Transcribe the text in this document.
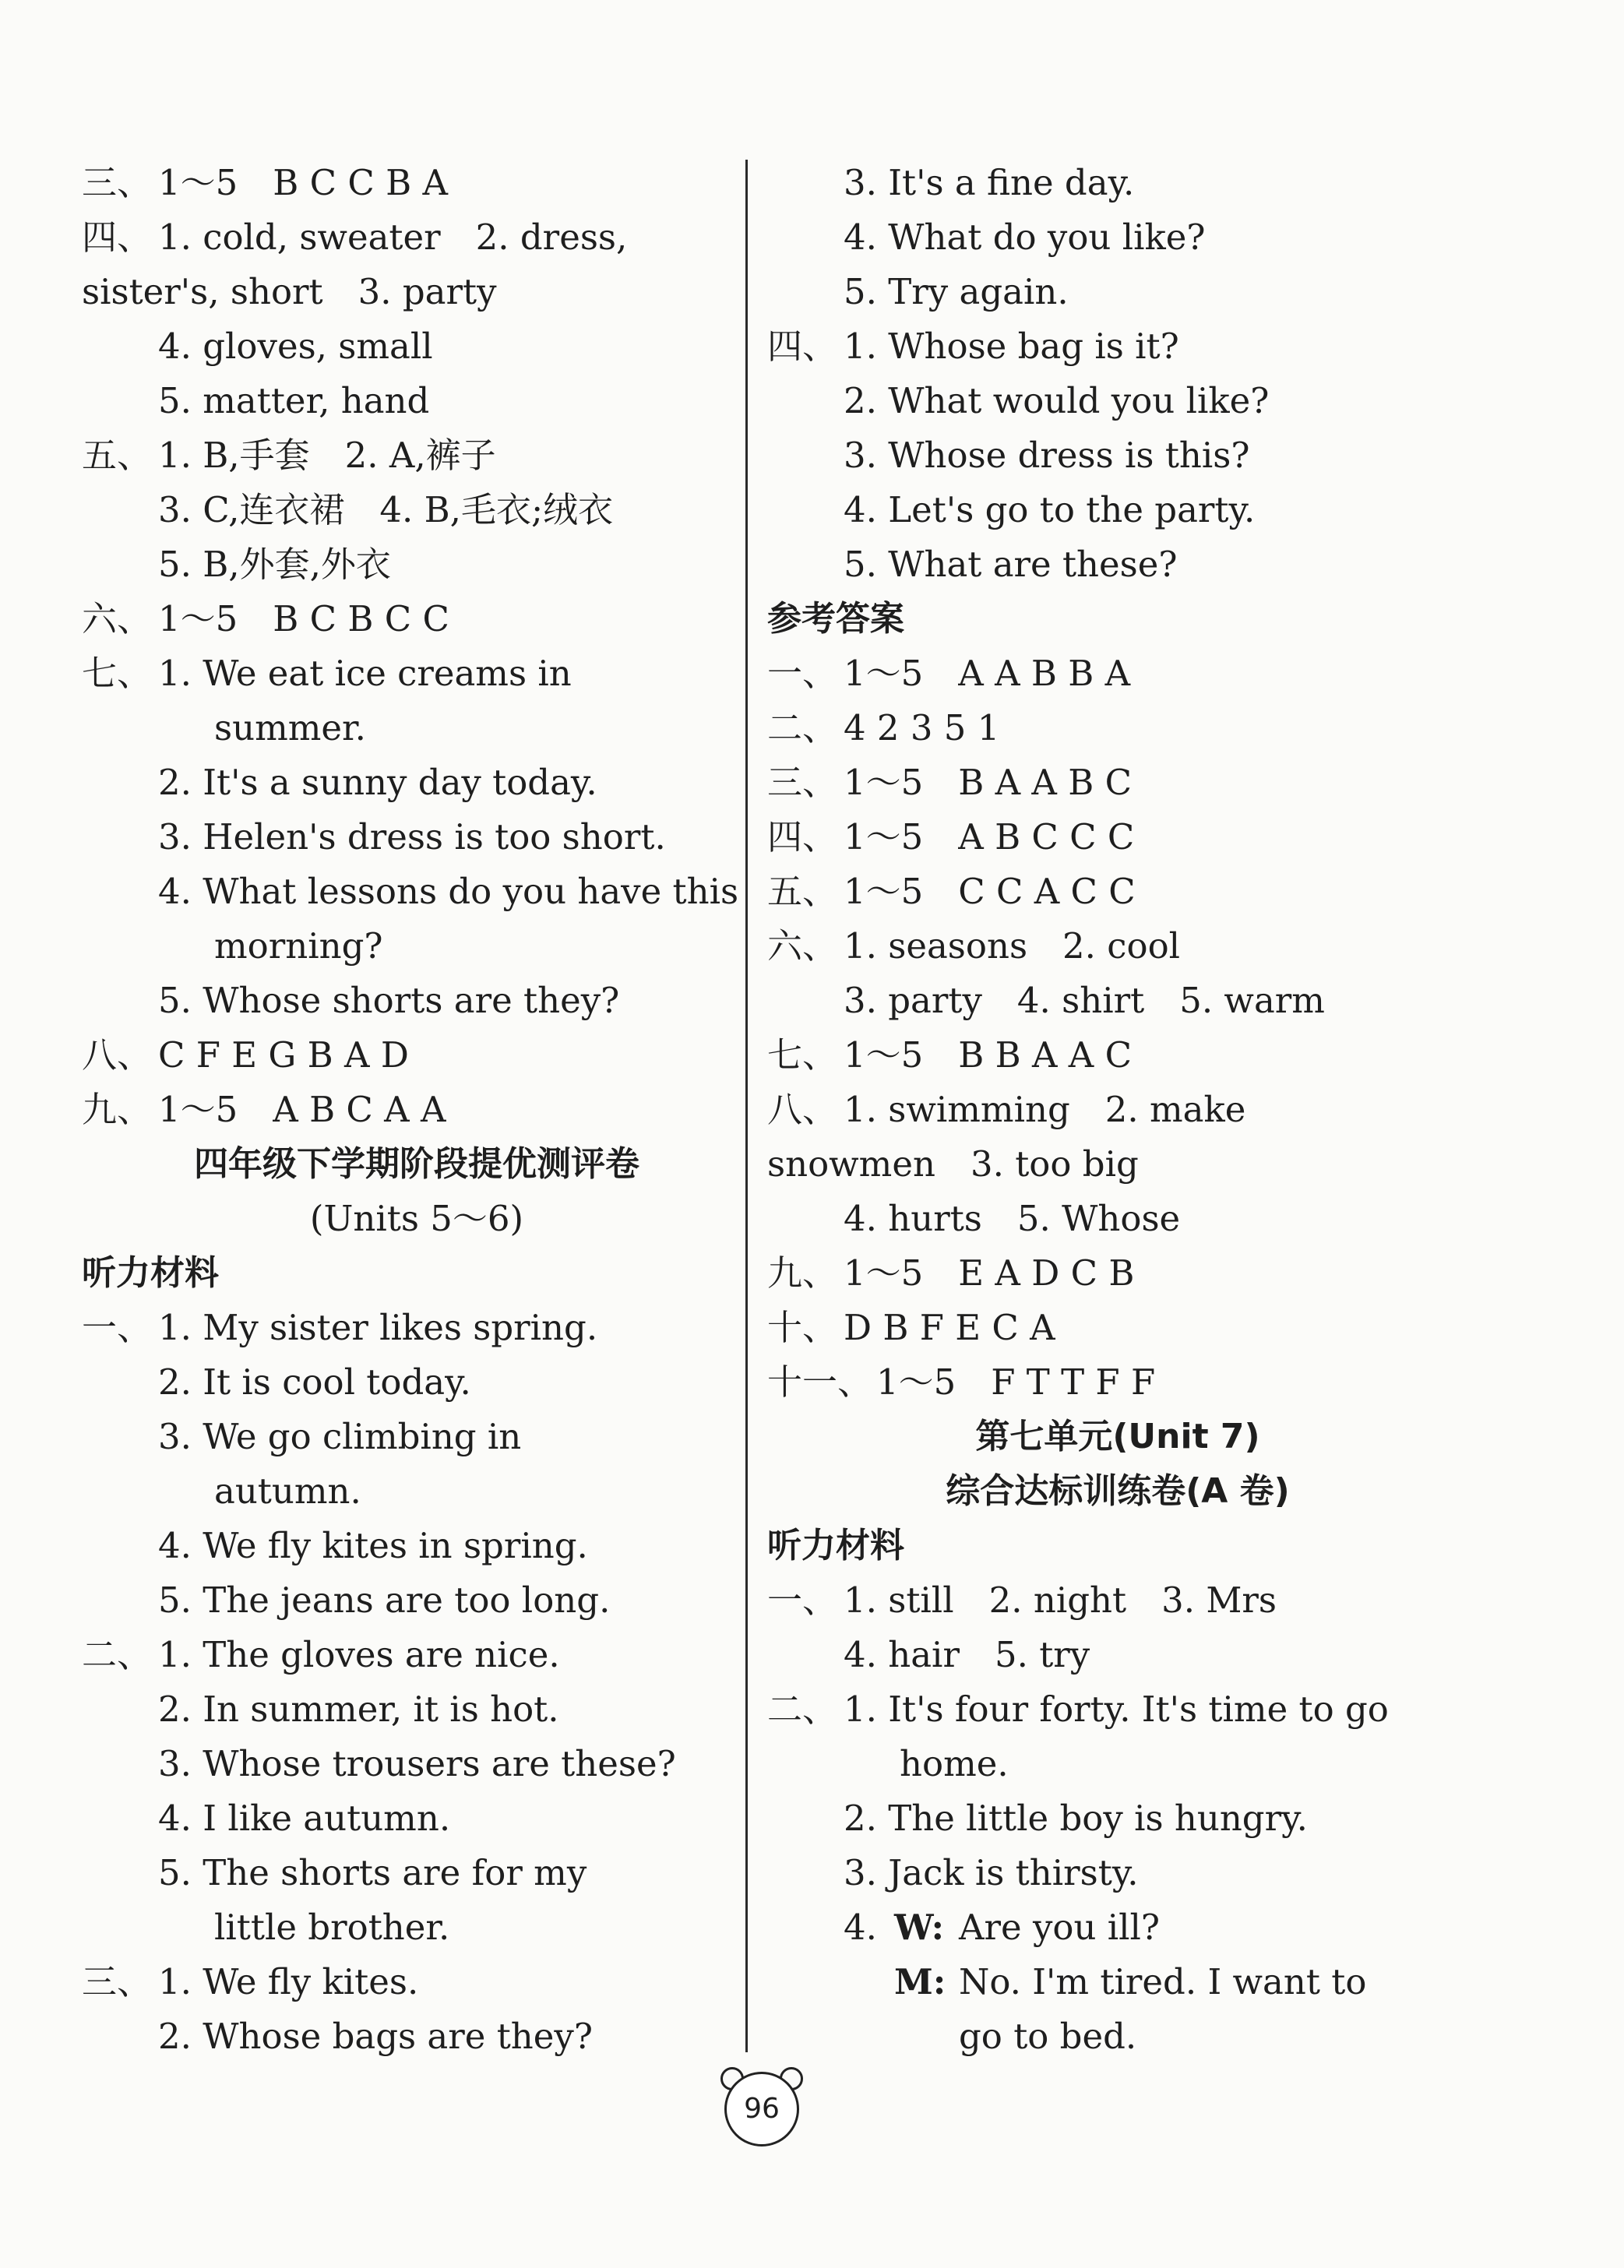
三、 1～5　B C C B A
四、 1. cold, sweater　2. dress,
sister's, short　3. party
4. gloves, small
5. matter, hand
五、 1. B,手套　2. A,裤子
3. C,连衣裙　4. B,毛衣;绒衣
5. B,外套,外衣
六、 1～5　B C B C C
七、 1. We eat ice creams in
summer.
2. It's a sunny day today.
3. Helen's dress is too short.
4. What lessons do you have this
morning?
5. Whose shorts are they?
八、 C F E G B A D
九、 1～5　A B C A A
四年级下学期阶段提优测评卷
(Units 5～6)
听力材料
一、 1. My sister likes spring.
2. It is cool today.
3. We go climbing in
autumn.
4. We fly kites in spring.
5. The jeans are too long.
二、 1. The gloves are nice.
2. In summer, it is hot.
3. Whose trousers are these?
4. I like autumn.
5. The shorts are for my
little brother.
三、 1. We fly kites.
2. Whose bags are they?
3. It's a fine day.
4. What do you like?
5. Try again.
四、 1. Whose bag is it?
2. What would you like?
3. Whose dress is this?
4. Let's go to the party.
5. What are these?
参考答案
一、 1～5　A A B B A
二、 4 2 3 5 1
三、 1～5　B A A B C
四、 1～5　A B C C C
五、 1～5　C C A C C
六、 1. seasons　2. cool
3. party　4. shirt　5. warm
七、 1～5　B B A A C
八、 1. swimming　2. make
snowmen　3. too big
4. hurts　5. Whose
九、 1～5　E A D C B
十、 D B F E C A
十一、 1～5　F T T F F
第七单元(Unit 7)
综合达标训练卷(A 卷)
听力材料
一、 1. still　2. night　3. Mrs
4. hair　5. try
二、 1. It's four forty. It's time to go
home.
2. The little boy is hungry.
3. Jack is thirsty.
4. W: Are you ill?
M: No. I'm tired. I want to
go to bed.
96
